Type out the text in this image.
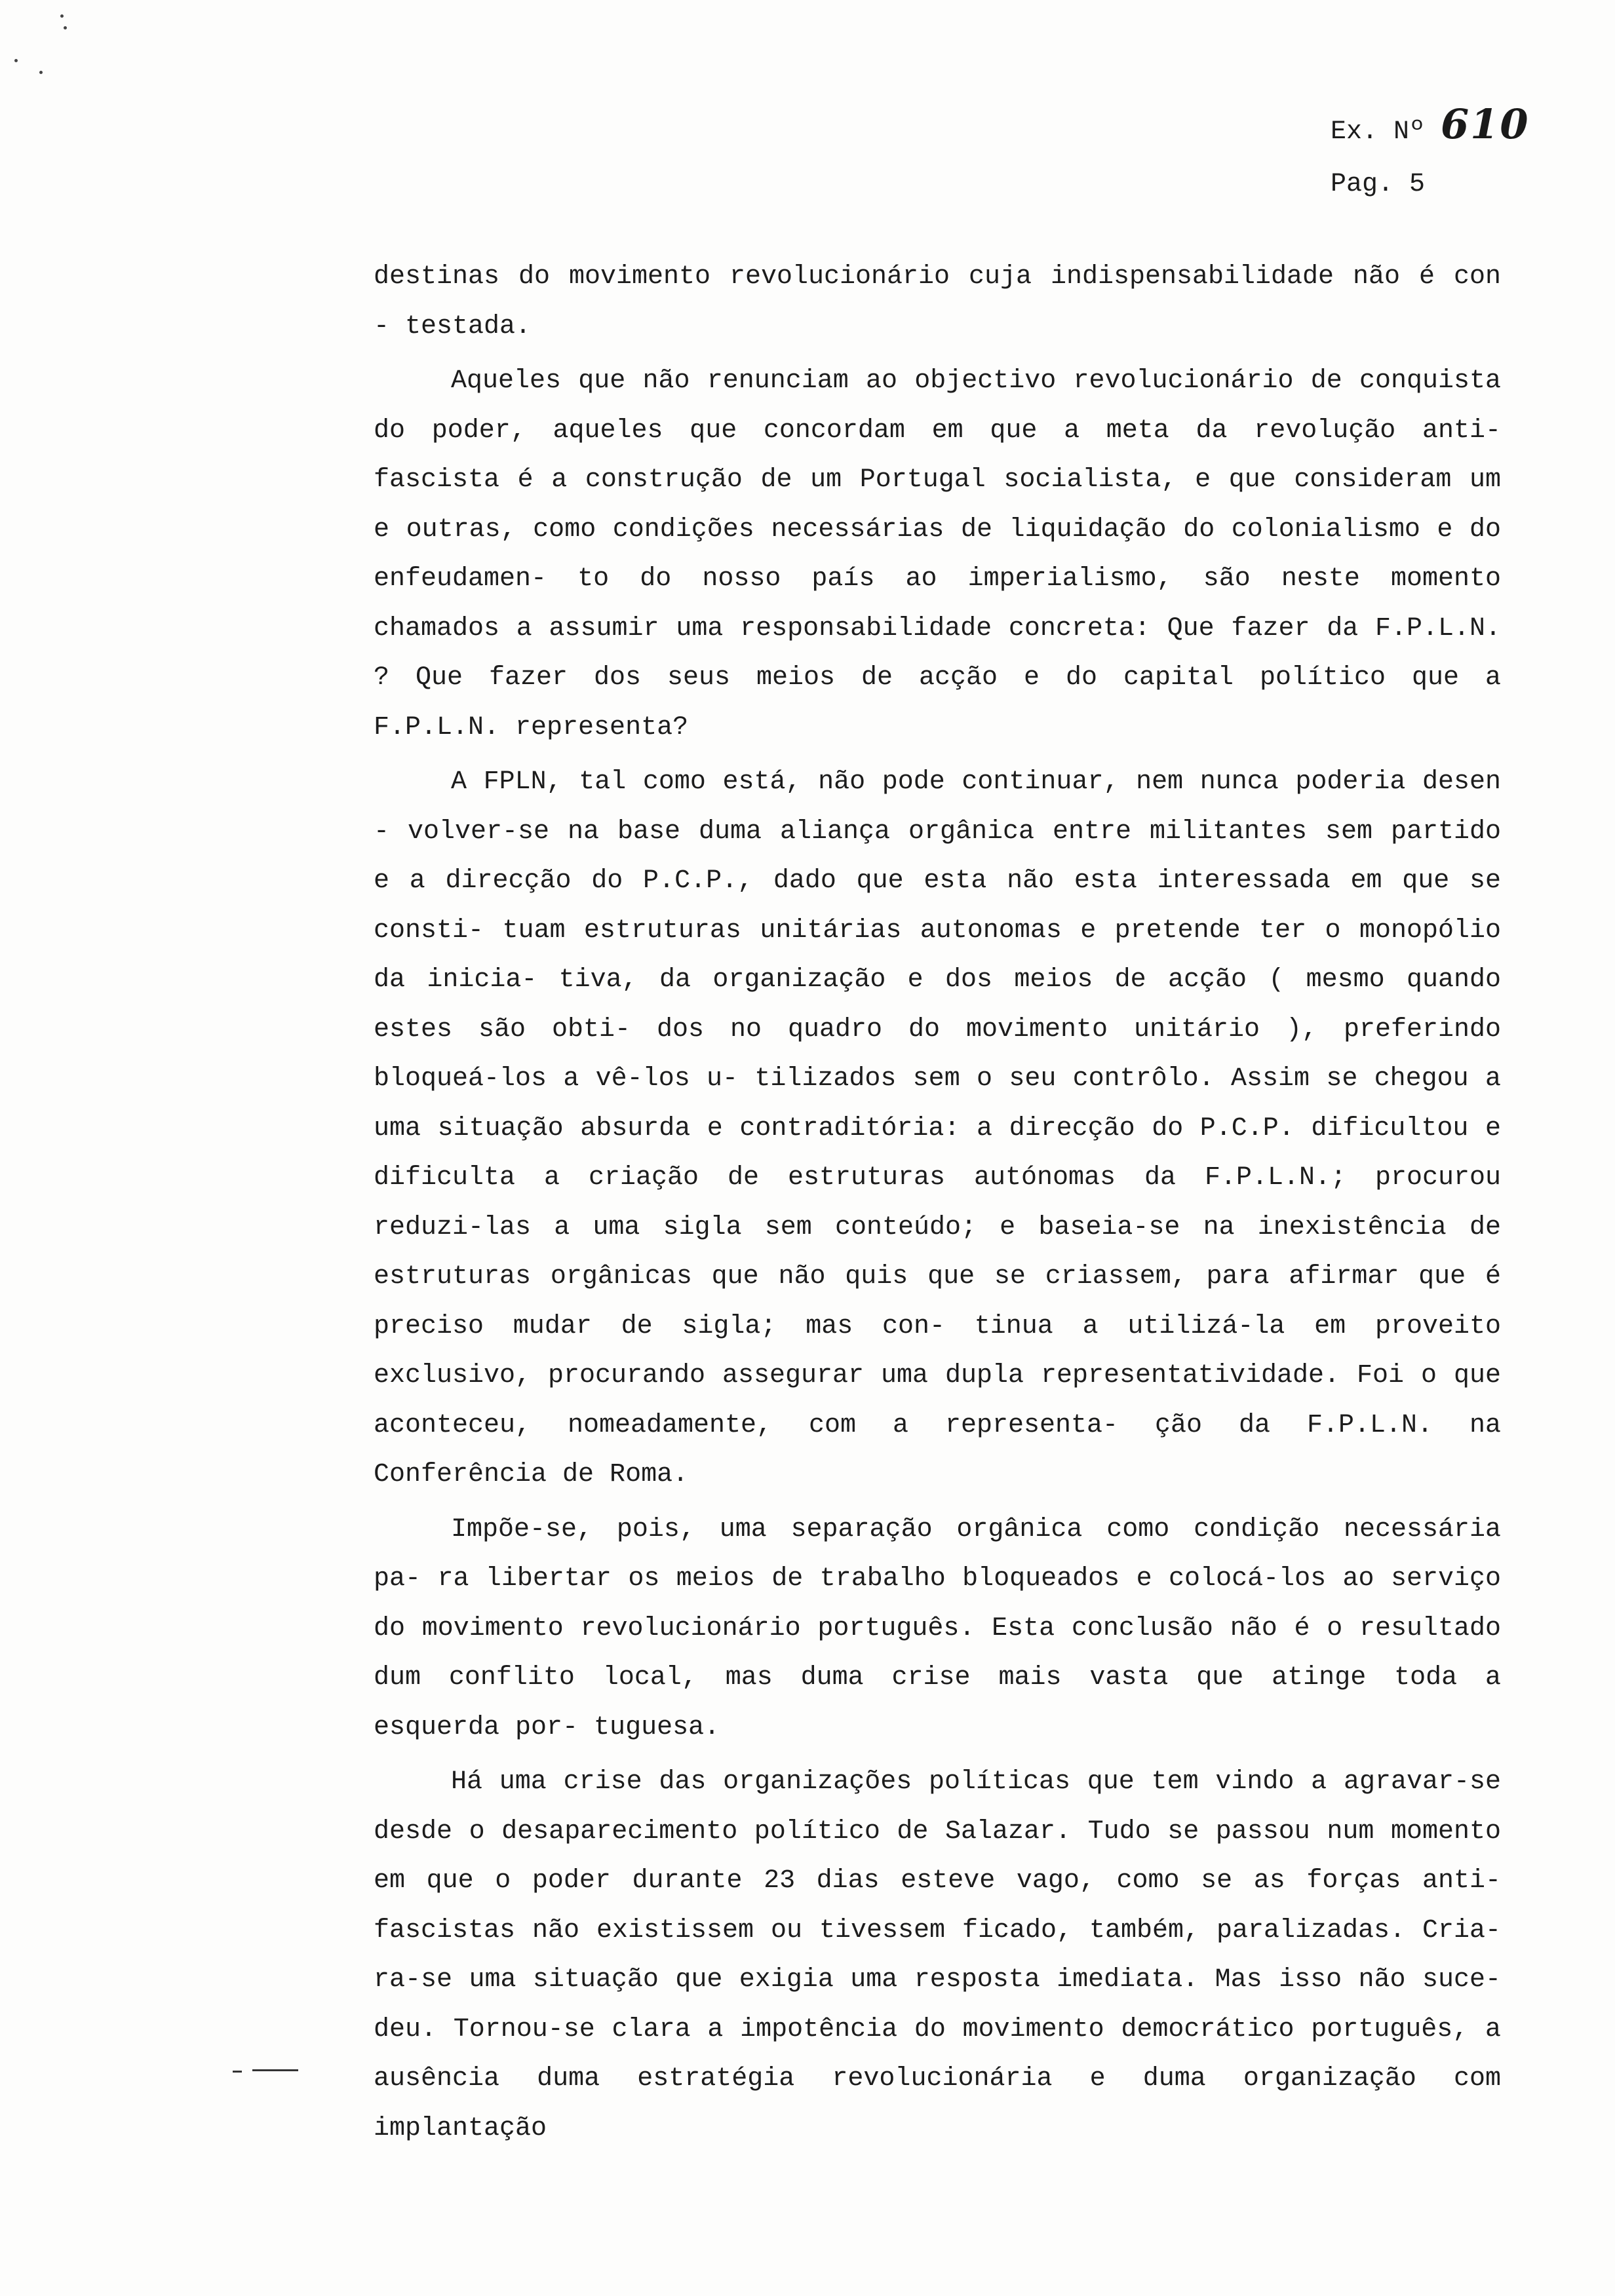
Ex. Nº 610
Pag. 5

destinas do movimento revolucionário cuja indispensabilidade não é con - testada.

Aqueles que não renunciam ao objectivo revolucionário de conquista do poder, aqueles que concordam em que a meta da revolução anti-fascista é a construção de um Portugal socialista, e que consideram um e outras, como condições necessárias de liquidação do colonialismo e do enfeudamen- to do nosso país ao imperialismo, são neste momento chamados a assumir uma responsabilidade concreta: Que fazer da F.P.L.N. ? Que fazer dos seus meios de acção e do capital político que a F.P.L.N. representa?

A FPLN, tal como está, não pode continuar, nem nunca poderia desen - volver-se na base duma aliança orgânica entre militantes sem partido e a direcção do P.C.P., dado que esta não esta interessada em que se consti- tuam estruturas unitárias autonomas e pretende ter o monopólio da inicia- tiva, da organização e dos meios de acção ( mesmo quando estes são obti- dos no quadro do movimento unitário ), preferindo bloqueá-los a vê-los u- tilizados sem o seu contrôlo. Assim se chegou a uma situação absurda e contraditória: a direcção do P.C.P. dificultou e dificulta a criação de estruturas autónomas da F.P.L.N.; procurou reduzi-las a uma sigla sem conteúdo; e baseia-se na inexistência de estruturas orgânicas que não quis que se criassem, para afirmar que é preciso mudar de sigla; mas con- tinua a utilizá-la em proveito exclusivo, procurando assegurar uma dupla representatividade. Foi o que aconteceu, nomeadamente, com a representa- ção da F.P.L.N. na Conferência de Roma.

Impõe-se, pois, uma separação orgânica como condição necessária pa- ra libertar os meios de trabalho bloqueados e colocá-los ao serviço do movimento revolucionário português. Esta conclusão não é o resultado dum conflito local, mas duma crise mais vasta que atinge toda a esquerda por- tuguesa.

Há uma crise das organizações políticas que tem vindo a agravar-se desde o desaparecimento político de Salazar. Tudo se passou num momento em que o poder durante 23 dias esteve vago, como se as forças anti- fascistas não existissem ou tivessem ficado, também, paralizadas. Cria- ra-se uma situação que exigia uma resposta imediata. Mas isso não suce- deu. Tornou-se clara a impotência do movimento democrático português, a ausência duma estratégia revolucionária e duma organização com implantação
